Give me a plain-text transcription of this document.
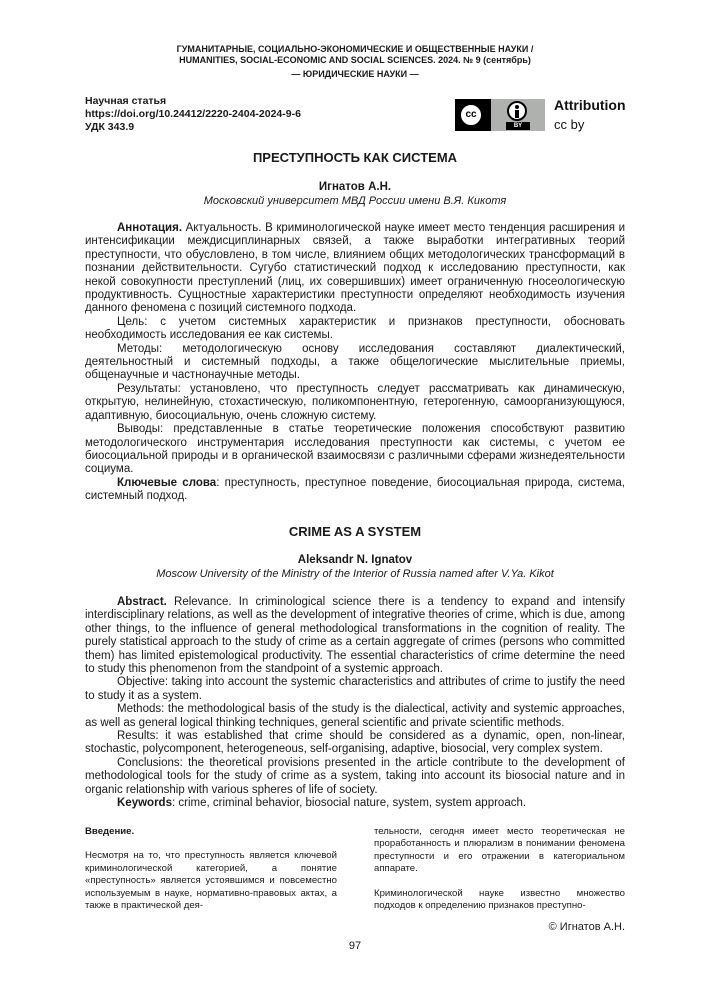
ГУМАНИТАРНЫЕ, СОЦИАЛЬНО-ЭКОНОМИЧЕСКИЕ И ОБЩЕСТВЕННЫЕ НАУКИ /
HUMANITIES, SOCIAL-ECONOMIC AND SOCIAL SCIENCES. 2024. № 9 (сентябрь)
— ЮРИДИЧЕСКИЕ НАУКИ —
Научная статья
https://doi.org/10.24412/2220-2404-2024-9-6
УДК 343.9
cc
BY
Attribution
cc by
ПРЕСТУПНОСТЬ КАК СИСТЕМА
Игнатов А.Н.
Московский университет МВД России имени В.Я. Кикотя

Аннотация. Актуальность. В криминологической науке имеет место тенденция расширения и интенсификации междисциплинарных связей, а также выработки интегративных теорий преступности, что обусловлено, в том числе, влиянием общих методологических трансформаций в познании действительности. Сугубо статистический подход к исследованию преступности, как некой совокупности преступлений (лиц, их совершивших) имеет ограниченную гносеологическую продуктивность. Сущностные характеристики преступности определяют необходимость изучения данного феномена с позиций системного подхода.

Цель: с учетом системных характеристик и признаков преступности, обосновать необходимость исследования ее как системы.

Методы: методологическую основу исследования составляют диалектический, деятельностный и системный подходы, а также общелогические мыслительные приемы, общенаучные и частнонаучные методы.

Результаты: установлено, что преступность следует рассматривать как динамическую, открытую, нелинейную, стохастическую, поликомпонентную, гетерогенную, самоорганизующуюся, адаптивную, биосоциальную, очень сложную систему.

Выводы: представленные в статье теоретические положения способствуют развитию методологического инструментария исследования преступности как системы, с учетом ее биосоциальной природы и в органической взаимосвязи с различными сферами жизнедеятельности социума.

Ключевые слова: преступность, преступное поведение, биосоциальная природа, система, системный подход.

CRIME AS A SYSTEM
Aleksandr N. Ignatov
Moscow University of the Ministry of the Interior of Russia named after V.Ya. Kikot

Abstract. Relevance. In criminological science there is a tendency to expand and intensify interdisciplinary relations, as well as the development of integrative theories of crime, which is due, among other things, to the influence of general methodological transformations in the cognition of reality. The purely statistical approach to the study of crime as a certain aggregate of crimes (persons who committed them) has limited epistemological productivity. The essential characteristics of crime determine the need to study this phenomenon from the standpoint of a systemic approach.

Objective: taking into account the systemic characteristics and attributes of crime to justify the need to study it as a system.

Methods: the methodological basis of the study is the dialectical, activity and systemic approaches, as well as general logical thinking techniques, general scientific and private scientific methods.

Results: it was established that crime should be considered as a dynamic, open, non-linear, stochastic, polycomponent, heterogeneous, self-organising, adaptive, biosocial, very complex system.

Conclusions: the theoretical provisions presented in the article contribute to the development of methodological tools for the study of crime as a system, taking into account its biosocial nature and in organic relationship with various spheres of life of society.

Keywords: crime, criminal behavior, biosocial nature, system, system approach.

Введение.

Несмотря на то, что преступность является ключевой криминологической категорией, а понятие «преступность» является устоявшимся и повсеместно используемым в науке, нормативно-правовых актах, а также в практической дея-

тельности, сегодня имеет место теоретическая не проработанность и плюрализм в понимании феномена преступности и его отражении в категориальном аппарате.

Криминологической науке известно множество подходов к определению признаков преступно-

© Игнатов А.Н.
97
